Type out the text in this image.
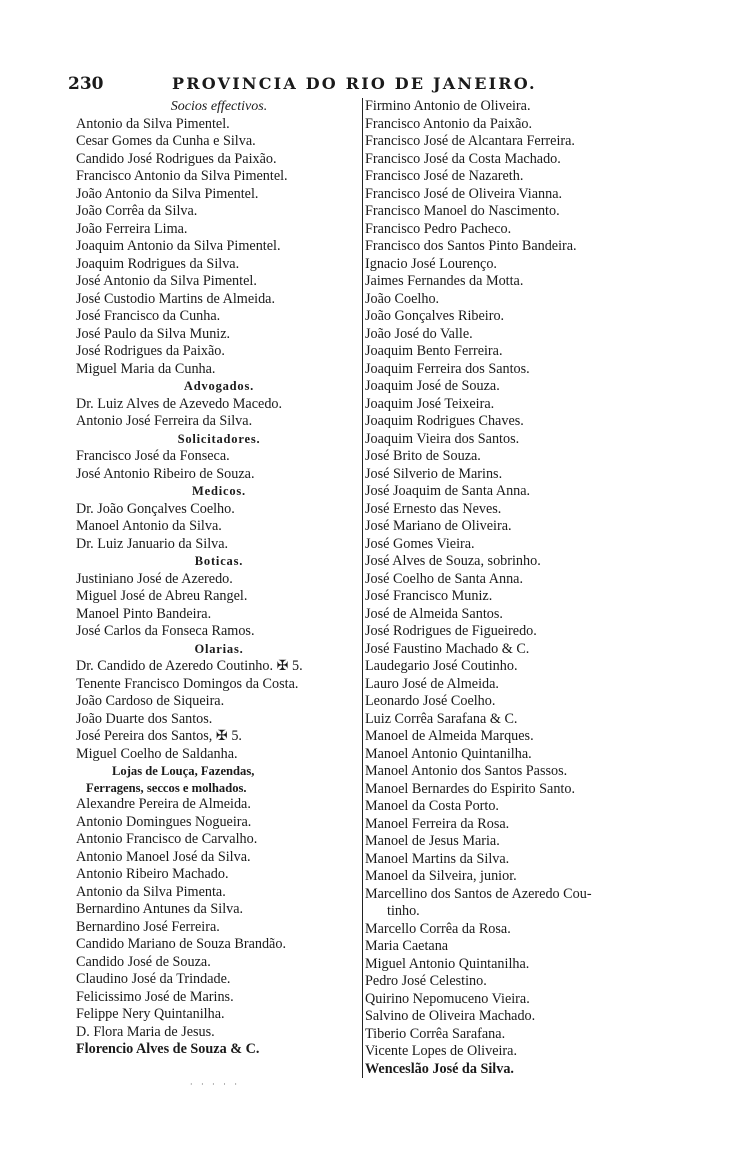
230	PROVINCIA DO RIO DE JANEIRO.
Socios effectivos.
Antonio da Silva Pimentel.
Cesar Gomes da Cunha e Silva.
Candido José Rodrigues da Paixão.
Francisco Antonio da Silva Pimentel.
João Antonio da Silva Pimentel.
João Corrêa da Silva.
João Ferreira Lima.
Joaquim Antonio da Silva Pimentel.
Joaquim Rodrigues da Silva.
José Antonio da Silva Pimentel.
José Custodio Martins de Almeida.
José Francisco da Cunha.
José Paulo da Silva Muniz.
José Rodrigues da Paixão.
Miguel Maria da Cunha.
Advogados.
Dr. Luiz Alves de Azevedo Macedo.
Antonio José Ferreira da Silva.
Solicitadores.
Francisco José da Fonseca.
José Antonio Ribeiro de Souza.
Medicos.
Dr. João Gonçalves Coelho.
Manoel Antonio da Silva.
Dr. Luiz Januario da Silva.
Boticas.
Justiniano José de Azeredo.
Miguel José de Abreu Rangel.
Manoel Pinto Bandeira.
José Carlos da Fonseca Ramos.
Olarias.
Dr. Candido de Azeredo Coutinho. ✠ 5.
Tenente Francisco Domingos da Costa.
João Cardoso de Siqueira.
João Duarte dos Santos.
José Pereira dos Santos, ✠ 5.
Miguel Coelho de Saldanha.
Lojas de Louça, Fazendas,
Ferragens, seccos e molhados.
Alexandre Pereira de Almeida.
Antonio Domingues Nogueira.
Antonio Francisco de Carvalho.
Antonio Manoel José da Silva.
Antonio Ribeiro Machado.
Antonio da Silva Pimenta.
Bernardino Antunes da Silva.
Bernardino José Ferreira.
Candido Mariano de Souza Brandão.
Candido José de Souza.
Claudino José da Trindade.
Felicissimo José de Marins.
Felippe Nery Quintanilha.
D. Flora Maria de Jesus.
Florencio Alves de Souza & C.
Firmino Antonio de Oliveira.
Francisco Antonio da Paixão.
Francisco José de Alcantara Ferreira.
Francisco José da Costa Machado.
Francisco José de Nazareth.
Francisco José de Oliveira Vianna.
Francisco Manoel do Nascimento.
Francisco Pedro Pacheco.
Francisco dos Santos Pinto Bandeira.
Ignacio José Lourenço.
Jaimes Fernandes da Motta.
João Coelho.
João Gonçalves Ribeiro.
João José do Valle.
Joaquim Bento Ferreira.
Joaquim Ferreira dos Santos.
Joaquim José de Souza.
Joaquim José Teixeira.
Joaquim Rodrigues Chaves.
Joaquim Vieira dos Santos.
José Brito de Souza.
José Silverio de Marins.
José Joaquim de Santa Anna.
José Ernesto das Neves.
José Mariano de Oliveira.
José Gomes Vieira.
José Alves de Souza, sobrinho.
José Coelho de Santa Anna.
José Francisco Muniz.
José de Almeida Santos.
José Rodrigues de Figueiredo.
José Faustino Machado & C.
Laudegario José Coutinho.
Lauro José de Almeida.
Leonardo José Coelho.
Luiz Corrêa Sarafana & C.
Manoel de Almeida Marques.
Manoel Antonio Quintanilha.
Manoel Antonio dos Santos Passos.
Manoel Bernardes do Espirito Santo.
Manoel da Costa Porto.
Manoel Ferreira da Rosa.
Manoel de Jesus Maria.
Manoel Martins da Silva.
Manoel da Silveira, junior.
Marcellino dos Santos de Azeredo Cou-
tinho.
Marcello Corrêa da Rosa.
Maria Caetana
Miguel Antonio Quintanilha.
Pedro José Celestino.
Quirino Nepomuceno Vieira.
Salvino de Oliveira Machado.
Tiberio Corrêa Sarafana.
Vicente Lopes de Oliveira.
Wenceslão José da Silva.
· · · · ·
